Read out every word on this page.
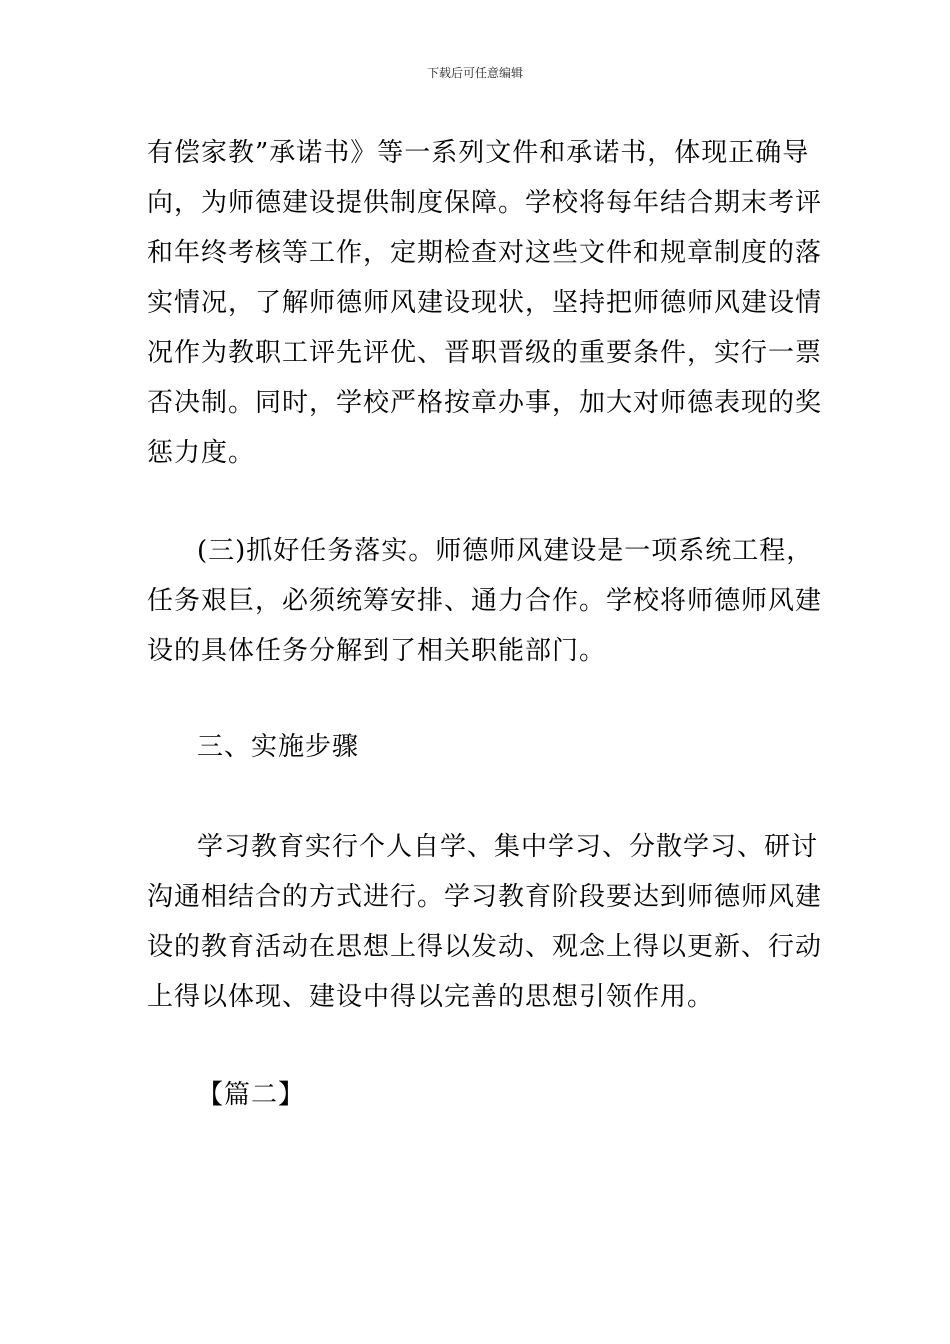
下载后可任意编辑
有偿家教”承诺书》等一系列文件和承诺书，体现正确导
向，为师德建设提供制度保障。学校将每年结合期末考评
和年终考核等工作，定期检查对这些文件和规章制度的落
实情况，了解师德师风建设现状，坚持把师德师风建设情
况作为教职工评先评优、晋职晋级的重要条件，实行一票
否决制。同时，学校严格按章办事，加大对师德表现的奖
惩力度。
(三)抓好任务落实。师德师风建设是一项系统工程，
任务艰巨，必须统筹安排、通力合作。学校将师德师风建
设的具体任务分解到了相关职能部门。
三、实施步骤
学习教育实行个人自学、集中学习、分散学习、研讨
沟通相结合的方式进行。学习教育阶段要达到师德师风建
设的教育活动在思想上得以发动、观念上得以更新、行动
上得以体现、建设中得以完善的思想引领作用。
【篇二】
